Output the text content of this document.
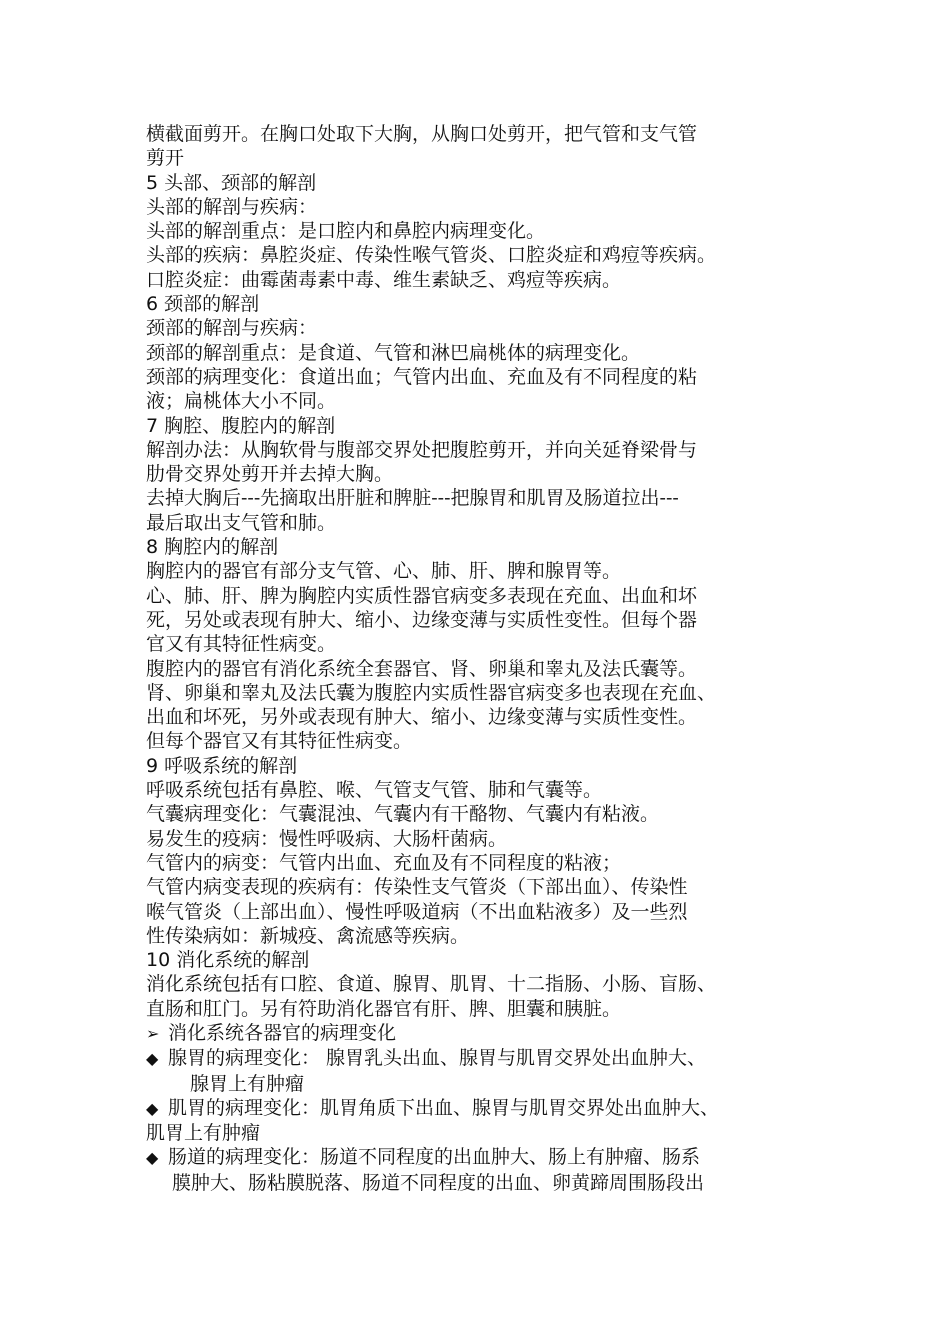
横截面剪开。在胸口处取下大胸，从胸口处剪开，把气管和支气管
剪开
5 头部、颈部的解剖
头部的解剖与疾病：
头部的解剖重点：是口腔内和鼻腔内病理变化。
头部的疾病：鼻腔炎症、传染性喉气管炎、口腔炎症和鸡痘等疾病。
口腔炎症：曲霉菌毒素中毒、维生素缺乏、鸡痘等疾病。
6 颈部的解剖
颈部的解剖与疾病：
颈部的解剖重点：是食道、气管和淋巴扁桃体的病理变化。
颈部的病理变化：食道出血；气管内出血、充血及有不同程度的粘
液；扁桃体大小不同。
7 胸腔、腹腔内的解剖
解剖办法：从胸软骨与腹部交界处把腹腔剪开，并向关延脊梁骨与
肋骨交界处剪开并去掉大胸。
去掉大胸后---先摘取出肝脏和脾脏---把腺胃和肌胃及肠道拉出---
最后取出支气管和肺。
8 胸腔内的解剖
胸腔内的器官有部分支气管、心、肺、肝、脾和腺胃等。
心、肺、肝、脾为胸腔内实质性器官病变多表现在充血、出血和坏
死，另处或表现有肿大、缩小、边缘变薄与实质性变性。但每个器
官又有其特征性病变。
腹腔内的器官有消化系统全套器官、肾、卵巢和睾丸及法氏囊等。
肾、卵巢和睾丸及法氏囊为腹腔内实质性器官病变多也表现在充血、
出血和坏死，另外或表现有肿大、缩小、边缘变薄与实质性变性。
但每个器官又有其特征性病变。
9 呼吸系统的解剖
呼吸系统包括有鼻腔、喉、气管支气管、肺和气囊等。
气囊病理变化：气囊混浊、气囊内有干酪物、气囊内有粘液。
易发生的疫病：慢性呼吸病、大肠杆菌病。
气管内的病变：气管内出血、充血及有不同程度的粘液；
气管内病变表现的疾病有：传染性支气管炎（下部出血）、传染性
喉气管炎（上部出血）、慢性呼吸道病（不出血粘液多）及一些烈
性传染病如：新城疫、禽流感等疾病。
10 消化系统的解剖
消化系统包括有口腔、食道、腺胃、肌胃、十二指肠、小肠、盲肠、
直肠和肛门。另有符助消化器官有肝、脾、胆囊和胰脏。
➢ 消化系统各器官的病理变化
◆ 腺胃的病理变化： 腺胃乳头出血、腺胃与肌胃交界处出血肿大、
腺胃上有肿瘤
◆ 肌胃的病理变化：肌胃角质下出血、腺胃与肌胃交界处出血肿大、
肌胃上有肿瘤
◆ 肠道的病理变化：肠道不同程度的出血肿大、肠上有肿瘤、肠系
膜肿大、肠粘膜脱落、肠道不同程度的出血、卵黄蹄周围肠段出
